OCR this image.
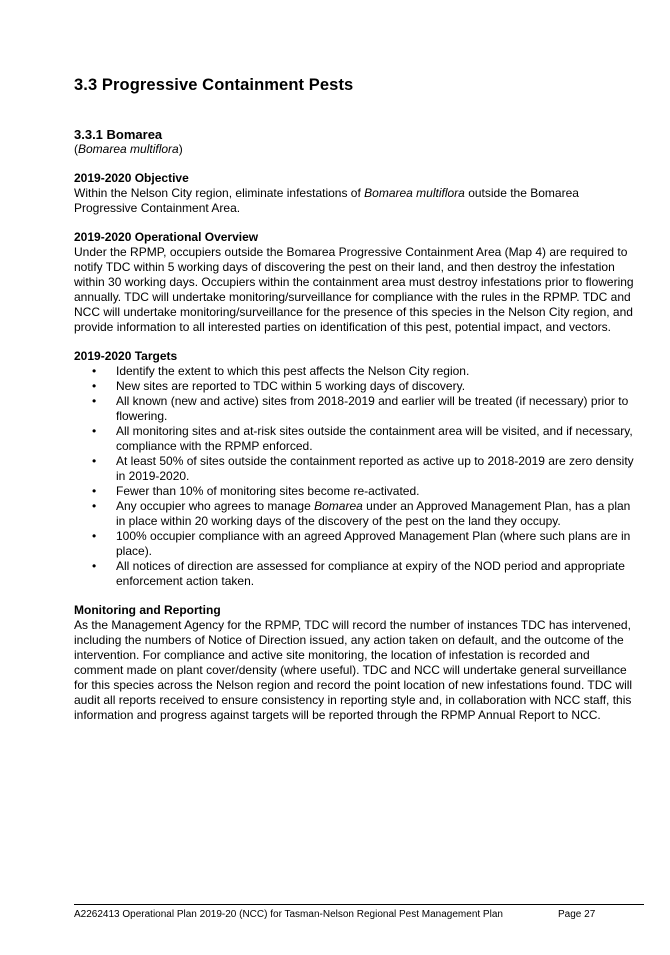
3.3 Progressive Containment Pests
3.3.1 Bomarea
(Bomarea multiflora)
2019-2020 Objective

Within the Nelson City region, eliminate infestations of Bomarea multiflora outside the Bomarea Progressive Containment Area.

2019-2020 Operational Overview

Under the RPMP, occupiers outside the Bomarea Progressive Containment Area (Map 4) are required to notify TDC within 5 working days of discovering the pest on their land, and then destroy the infestation within 30 working days. Occupiers within the containment area must destroy infestations prior to flowering annually. TDC will undertake monitoring/surveillance for compliance with the rules in the RPMP. TDC and NCC will undertake monitoring/surveillance for the presence of this species in the Nelson City region, and provide information to all interested parties on identification of this pest, potential impact, and vectors.

2019-2020 Targets
• Identify the extent to which this pest affects the Nelson City region.
• New sites are reported to TDC within 5 working days of discovery.
• All known (new and active) sites from 2018-2019 and earlier will be treated (if necessary) prior to flowering.
• All monitoring sites and at-risk sites outside the containment area will be visited, and if necessary, compliance with the RPMP enforced.
• At least 50% of sites outside the containment reported as active up to 2018-2019 are zero density in 2019-2020.
• Fewer than 10% of monitoring sites become re-activated.
• Any occupier who agrees to manage Bomarea under an Approved Management Plan, has a plan in place within 20 working days of the discovery of the pest on the land they occupy.
• 100% occupier compliance with an agreed Approved Management Plan (where such plans are in place).
• All notices of direction are assessed for compliance at expiry of the NOD period and appropriate enforcement action taken.
Monitoring and Reporting

As the Management Agency for the RPMP, TDC will record the number of instances TDC has intervened, including the numbers of Notice of Direction issued, any action taken on default, and the outcome of the intervention. For compliance and active site monitoring, the location of infestation is recorded and comment made on plant cover/density (where useful). TDC and NCC will undertake general surveillance for this species across the Nelson region and record the point location of new infestations found. TDC will audit all reports received to ensure consistency in reporting style and, in collaboration with NCC staff, this information and progress against targets will be reported through the RPMP Annual Report to NCC.

A2262413 Operational Plan 2019-20 (NCC) for Tasman-Nelson Regional Pest Management Plan	Page 27
